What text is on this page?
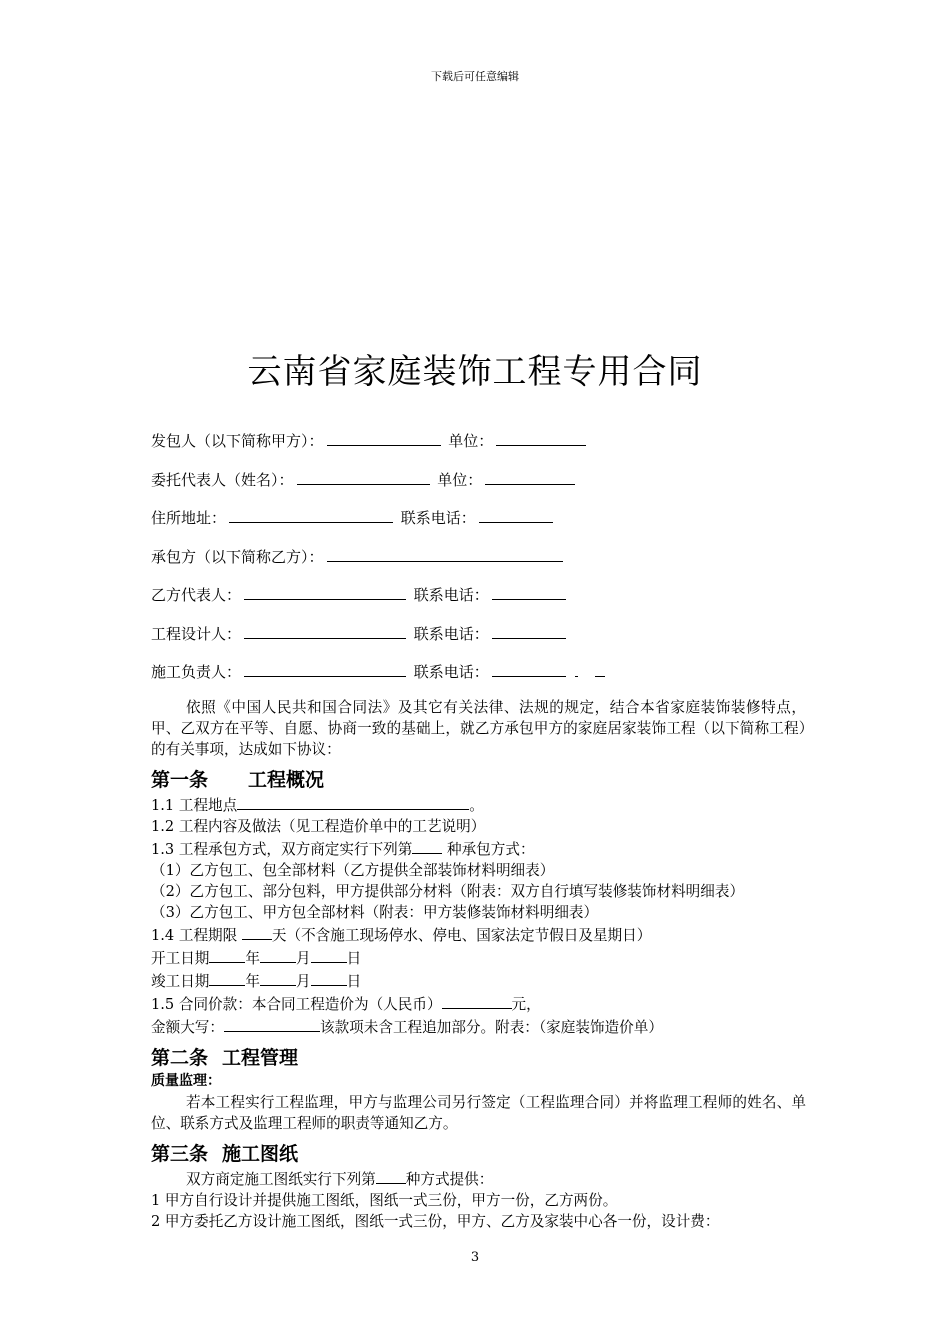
下载后可任意编辑
云南省家庭装饰工程专用合同
发包人（以下简称甲方）：	单位：
委托代表人（姓名）：	单位：
住所地址：	联系电话：
承包方（以下简称乙方）：
乙方代表人：	联系电话：
工程设计人：	联系电话：
施工负责人：	联系电话：

依照《中国人民共和国合同法》及其它有关法律、法规的规定，结合本省家庭装饰装修特点，甲、乙双方在平等、自愿、协商一致的基础上，就乙方承包甲方的家庭居家装饰工程（以下简称工程）的有关事项，达成如下协议：

第一条 工程概况

1.1 工程地点	。

1.2 工程内容及做法（见工程造价单中的工艺说明）

1.3 工程承包方式，双方商定实行下列第 种承包方式：

（1）乙方包工、包全部材料（乙方提供全部装饰材料明细表）

（2）乙方包工、部分包料，甲方提供部分材料（附表：双方自行填写装修装饰材料明细表）

（3）乙方包工、甲方包全部材料（附表：甲方装修装饰材料明细表）

1.4 工程期限 天（不含施工现场停水、停电、国家法定节假日及星期日）

开工日期 年 月 日

竣工日期 年 月 日

1.5 合同价款：本合同工程造价为（人民币）	元，

金额大写：	该款项未含工程追加部分。附表：（家庭装饰造价单）

第二条 工程管理

质量监理：

若本工程实行工程监理，甲方与监理公司另行签定（工程监理合同）并将监理工程师的姓名、单位、联系方式及监理工程师的职责等通知乙方。

第三条 施工图纸

双方商定施工图纸实行下列第 种方式提供：

1 甲方自行设计并提供施工图纸，图纸一式三份，甲方一份，乙方两份。

2 甲方委托乙方设计施工图纸，图纸一式三份，甲方、乙方及家装中心各一份，设计费：

3
